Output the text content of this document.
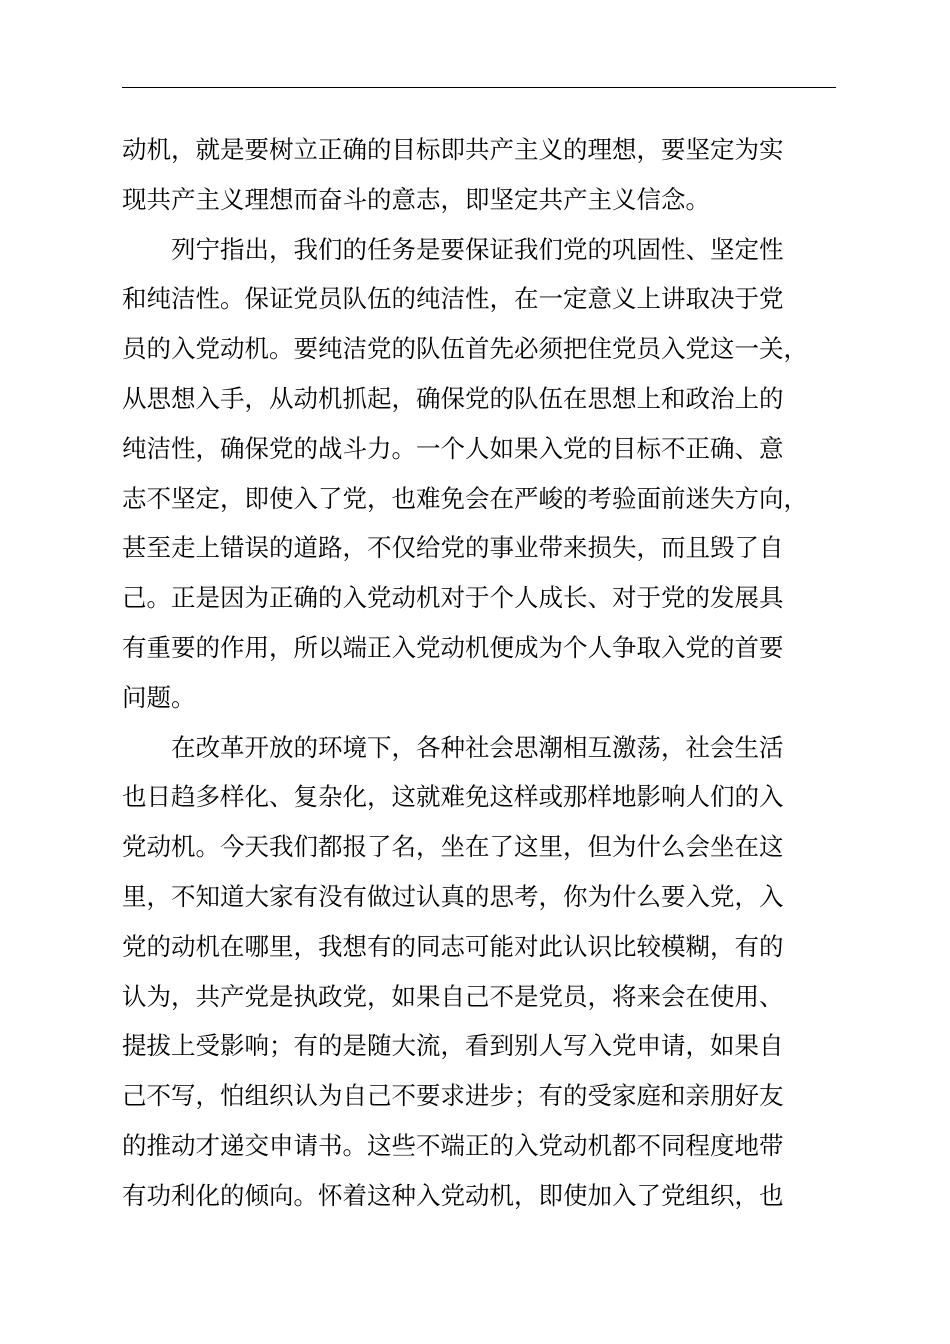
动机，就是要树立正确的目标即共产主义的理想，要坚定为实
现共产主义理想而奋斗的意志，即坚定共产主义信念。
列宁指出，我们的任务是要保证我们党的巩固性、坚定性
和纯洁性。保证党员队伍的纯洁性，在一定意义上讲取决于党
员的入党动机。要纯洁党的队伍首先必须把住党员入党这一关，
从思想入手，从动机抓起，确保党的队伍在思想上和政治上的
纯洁性，确保党的战斗力。一个人如果入党的目标不正确、意
志不坚定，即使入了党，也难免会在严峻的考验面前迷失方向，
甚至走上错误的道路，不仅给党的事业带来损失，而且毁了自
己。正是因为正确的入党动机对于个人成长、对于党的发展具
有重要的作用，所以端正入党动机便成为个人争取入党的首要
问题。
在改革开放的环境下，各种社会思潮相互激荡，社会生活
也日趋多样化、复杂化，这就难免这样或那样地影响人们的入
党动机。今天我们都报了名，坐在了这里，但为什么会坐在这
里，不知道大家有没有做过认真的思考，你为什么要入党，入
党的动机在哪里，我想有的同志可能对此认识比较模糊，有的
认为，共产党是执政党，如果自己不是党员，将来会在使用、
提拔上受影响；有的是随大流，看到别人写入党申请，如果自
己不写，怕组织认为自己不要求进步；有的受家庭和亲朋好友
的推动才递交申请书。这些不端正的入党动机都不同程度地带
有功利化的倾向。怀着这种入党动机，即使加入了党组织，也
